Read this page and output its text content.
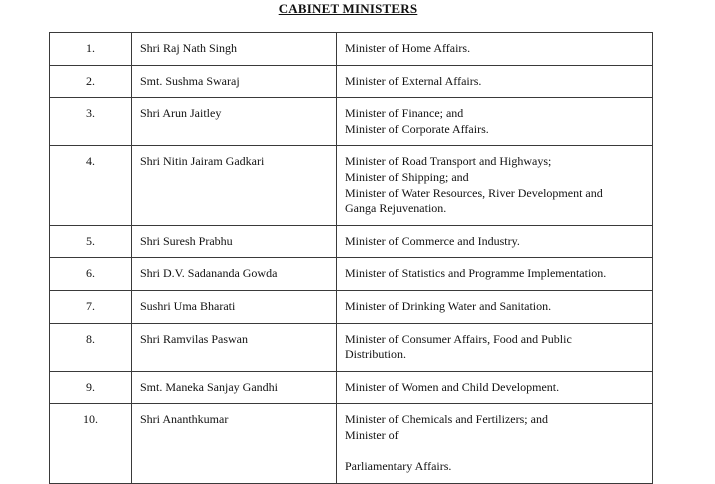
CABINET MINISTERS
1.	Shri Raj Nath Singh	Minister of Home Affairs.

2.	Smt. Sushma Swaraj	Minister of External Affairs.

3.	Shri Arun Jaitley	Minister of Finance; and
Minister of Corporate Affairs.

4.	Shri Nitin Jairam Gadkari	Minister of Road Transport and Highways;
Minister of Shipping; and
Minister of Water Resources, River Development and
Ganga Rejuvenation.

5.	Shri Suresh Prabhu	Minister of Commerce and Industry.

6.	Shri D.V. Sadananda Gowda	Minister of Statistics and Programme Implementation.

7.	Sushri Uma Bharati	Minister of Drinking Water and Sanitation.

8.	Shri Ramvilas Paswan	Minister of Consumer Affairs, Food and Public
Distribution.

9.	Smt. Maneka Sanjay Gandhi	Minister of Women and Child Development.

10.	Shri Ananthkumar	Minister of Chemicals and Fertilizers; and
Minister of
Parliamentary Affairs.
